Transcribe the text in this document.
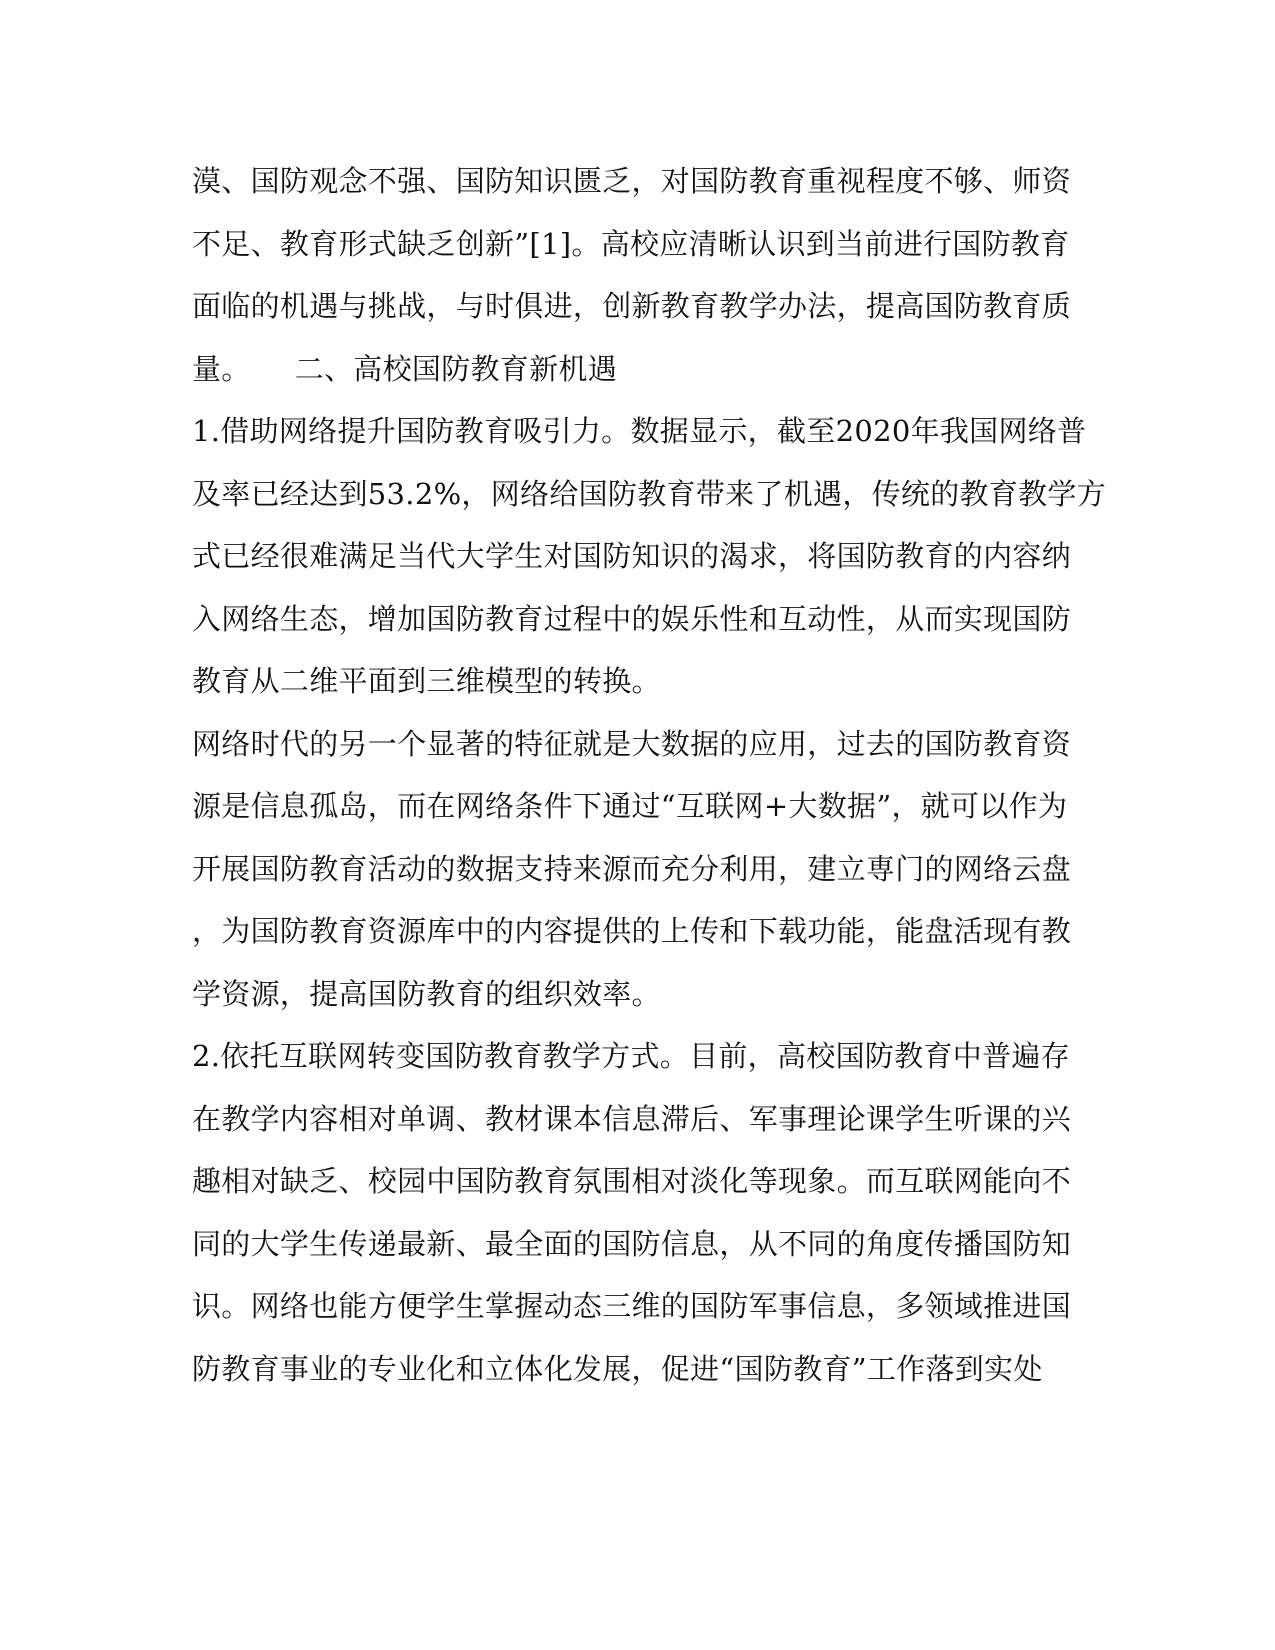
漠、国防观念不强、国防知识匮乏，对国防教育重视程度不够、师资
不足、教育形式缺乏创新”[1]。高校应清晰认识到当前进行国防教育
面临的机遇与挑战，与时俱进，创新教育教学办法，提高国防教育质
量。　　二、高校国防教育新机遇
1.借助网络提升国防教育吸引力。数据显示，截至2020年我国网络普
及率已经达到53.2%，网络给国防教育带来了机遇，传统的教育教学方
式已经很难满足当代大学生对国防知识的渴求，将国防教育的内容纳
入网络生态，增加国防教育过程中的娱乐性和互动性，从而实现国防
教育从二维平面到三维模型的转换。
网络时代的另一个显著的特征就是大数据的应用，过去的国防教育资
源是信息孤岛，而在网络条件下通过“互联网+大数据”，就可以作为
开展国防教育活动的数据支持来源而充分利用，建立専门的网络云盘
，为国防教育资源库中的内容提供的上传和下载功能，能盘活现有教
学资源，提高国防教育的组织效率。
2.依托互联网转变国防教育教学方式。目前，高校国防教育中普遍存
在教学内容相对单调、教材课本信息滞后、军事理论课学生听课的兴
趣相对缺乏、校园中国防教育氛围相对淡化等现象。而互联网能向不
同的大学生传递最新、最全面的国防信息，从不同的角度传播国防知
识。网络也能方便学生掌握动态三维的国防军事信息，多领域推进国
防教育事业的专业化和立体化发展，促进“国防教育”工作落到实处
